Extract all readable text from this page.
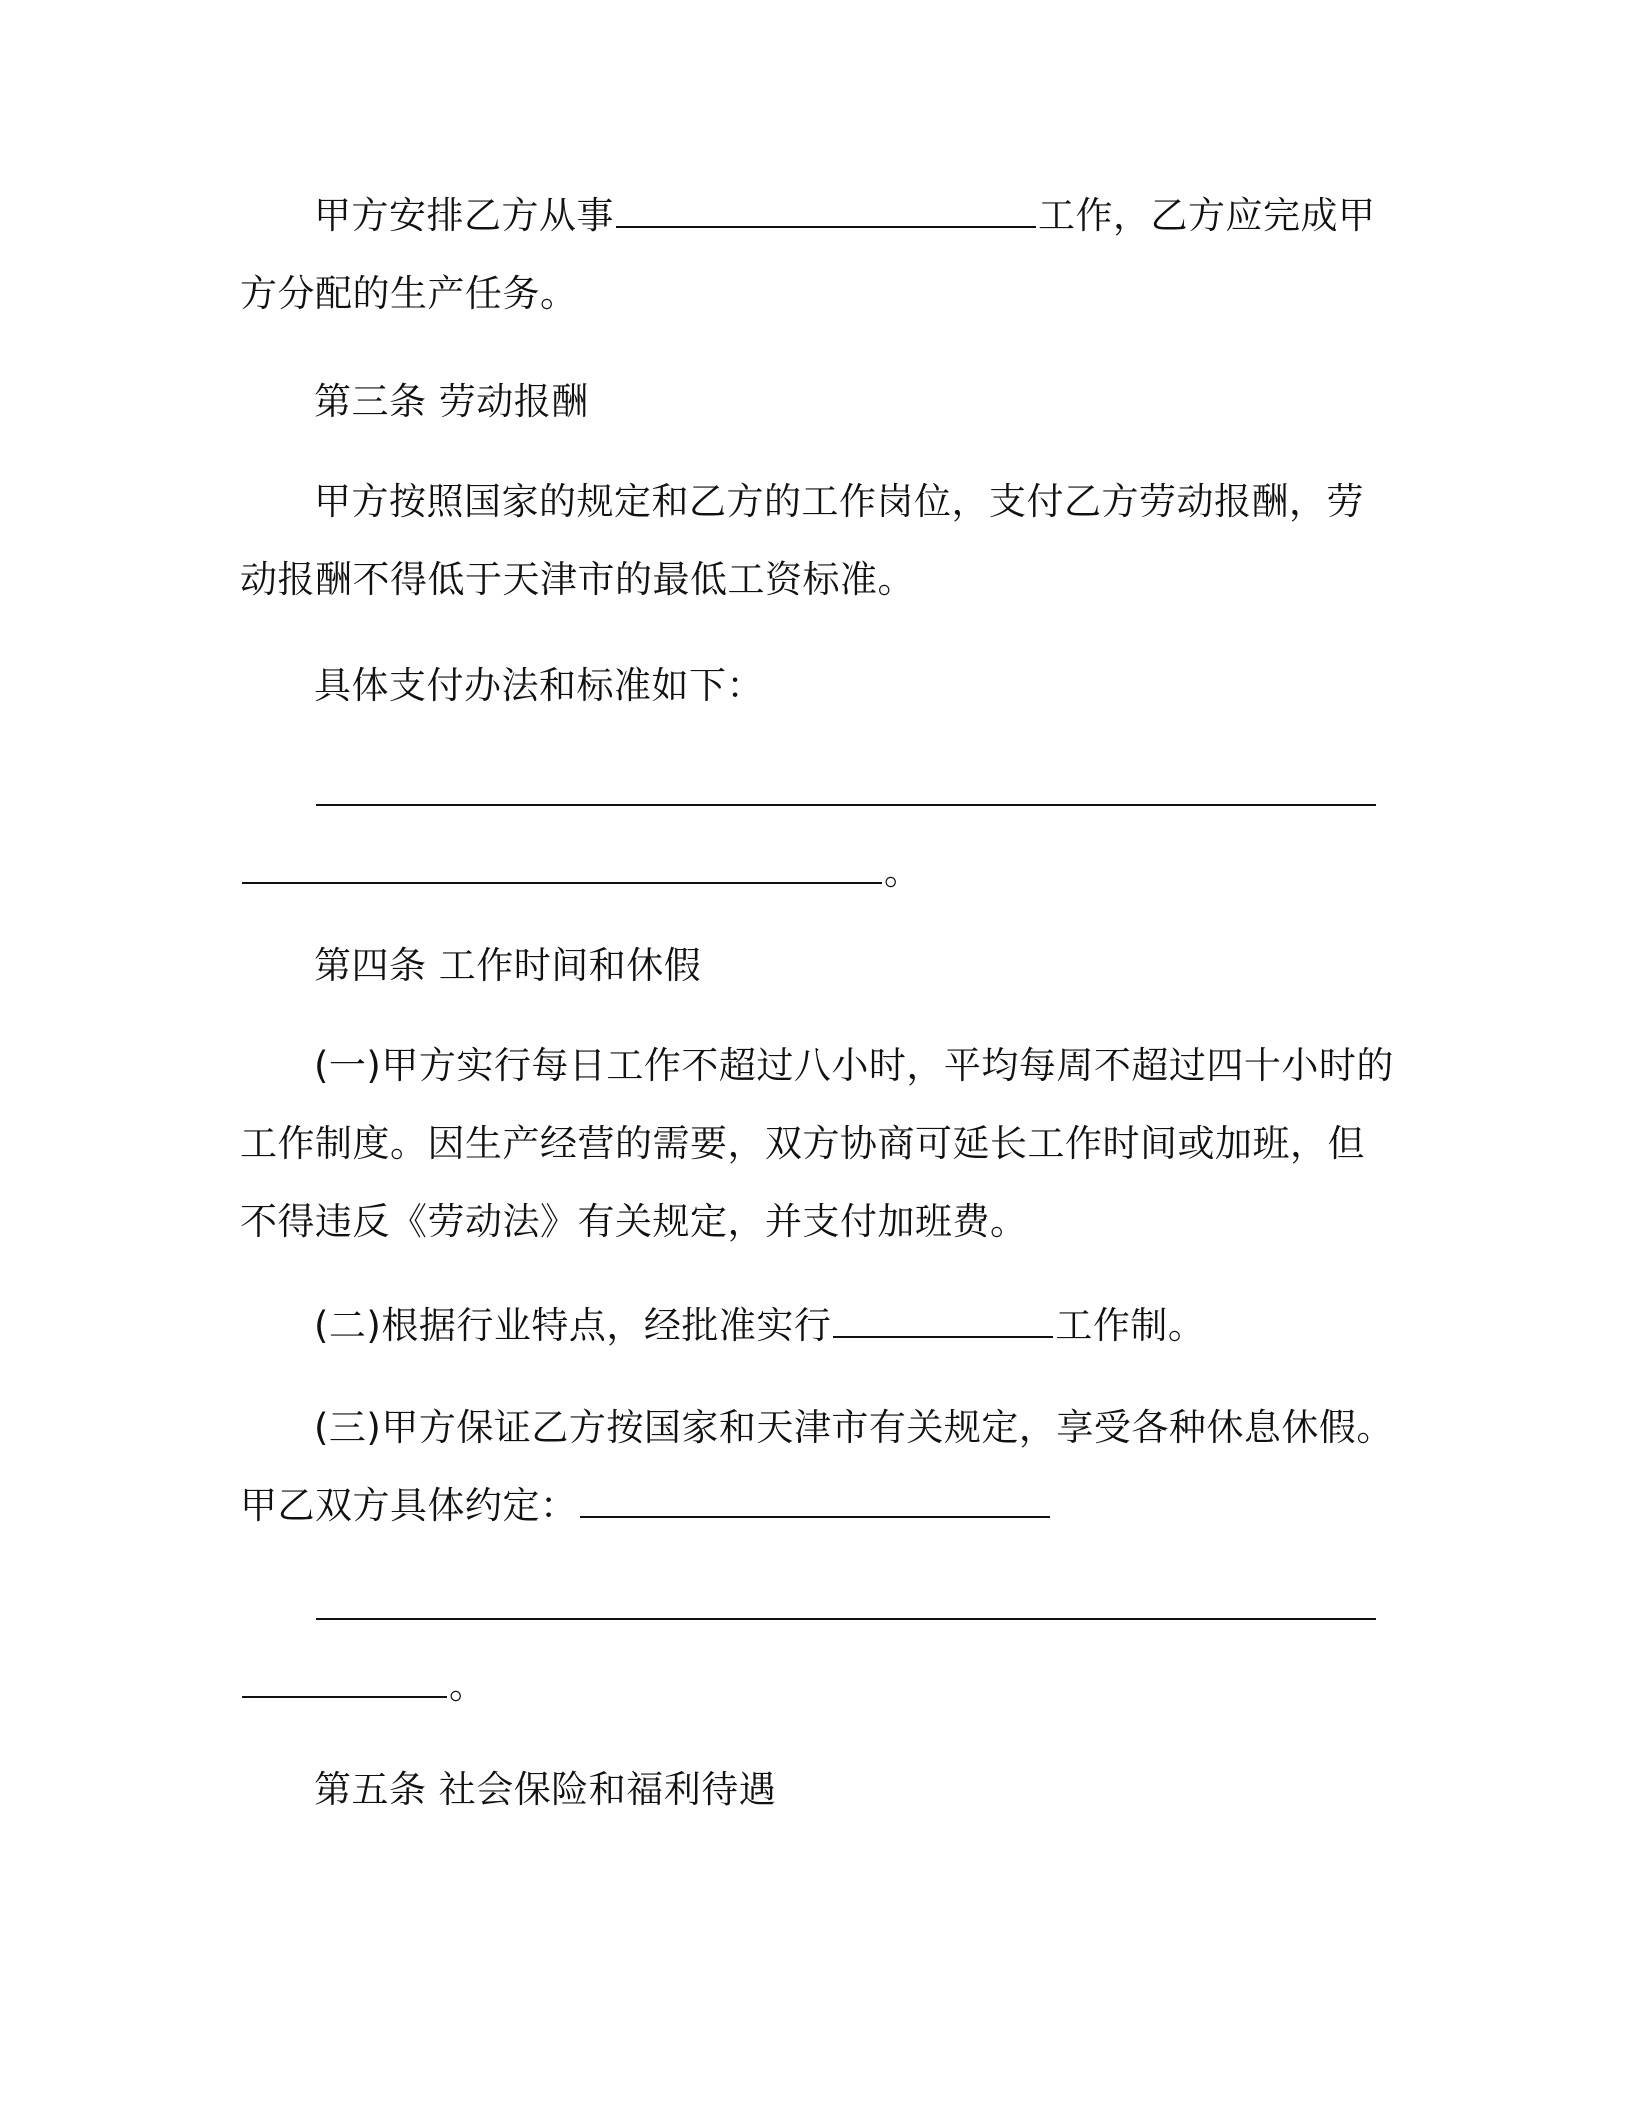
甲方安排乙方从事	工作，乙方应完成甲
方分配的生产任务。
第三条 劳动报酬
甲方按照国家的规定和乙方的工作岗位，支付乙方劳动报酬，劳
动报酬不得低于天津市的最低工资标准。
具体支付办法和标准如下：
。
第四条 工作时间和休假
(一)甲方实行每日工作不超过八小时，平均每周不超过四十小时的
工作制度。因生产经营的需要，双方协商可延长工作时间或加班，但
不得违反《劳动法》有关规定，并支付加班费。
(二)根据行业特点，经批准实行	工作制。
(三)甲方保证乙方按国家和天津市有关规定，享受各种休息休假。
甲乙双方具体约定：
。
第五条 社会保险和福利待遇
